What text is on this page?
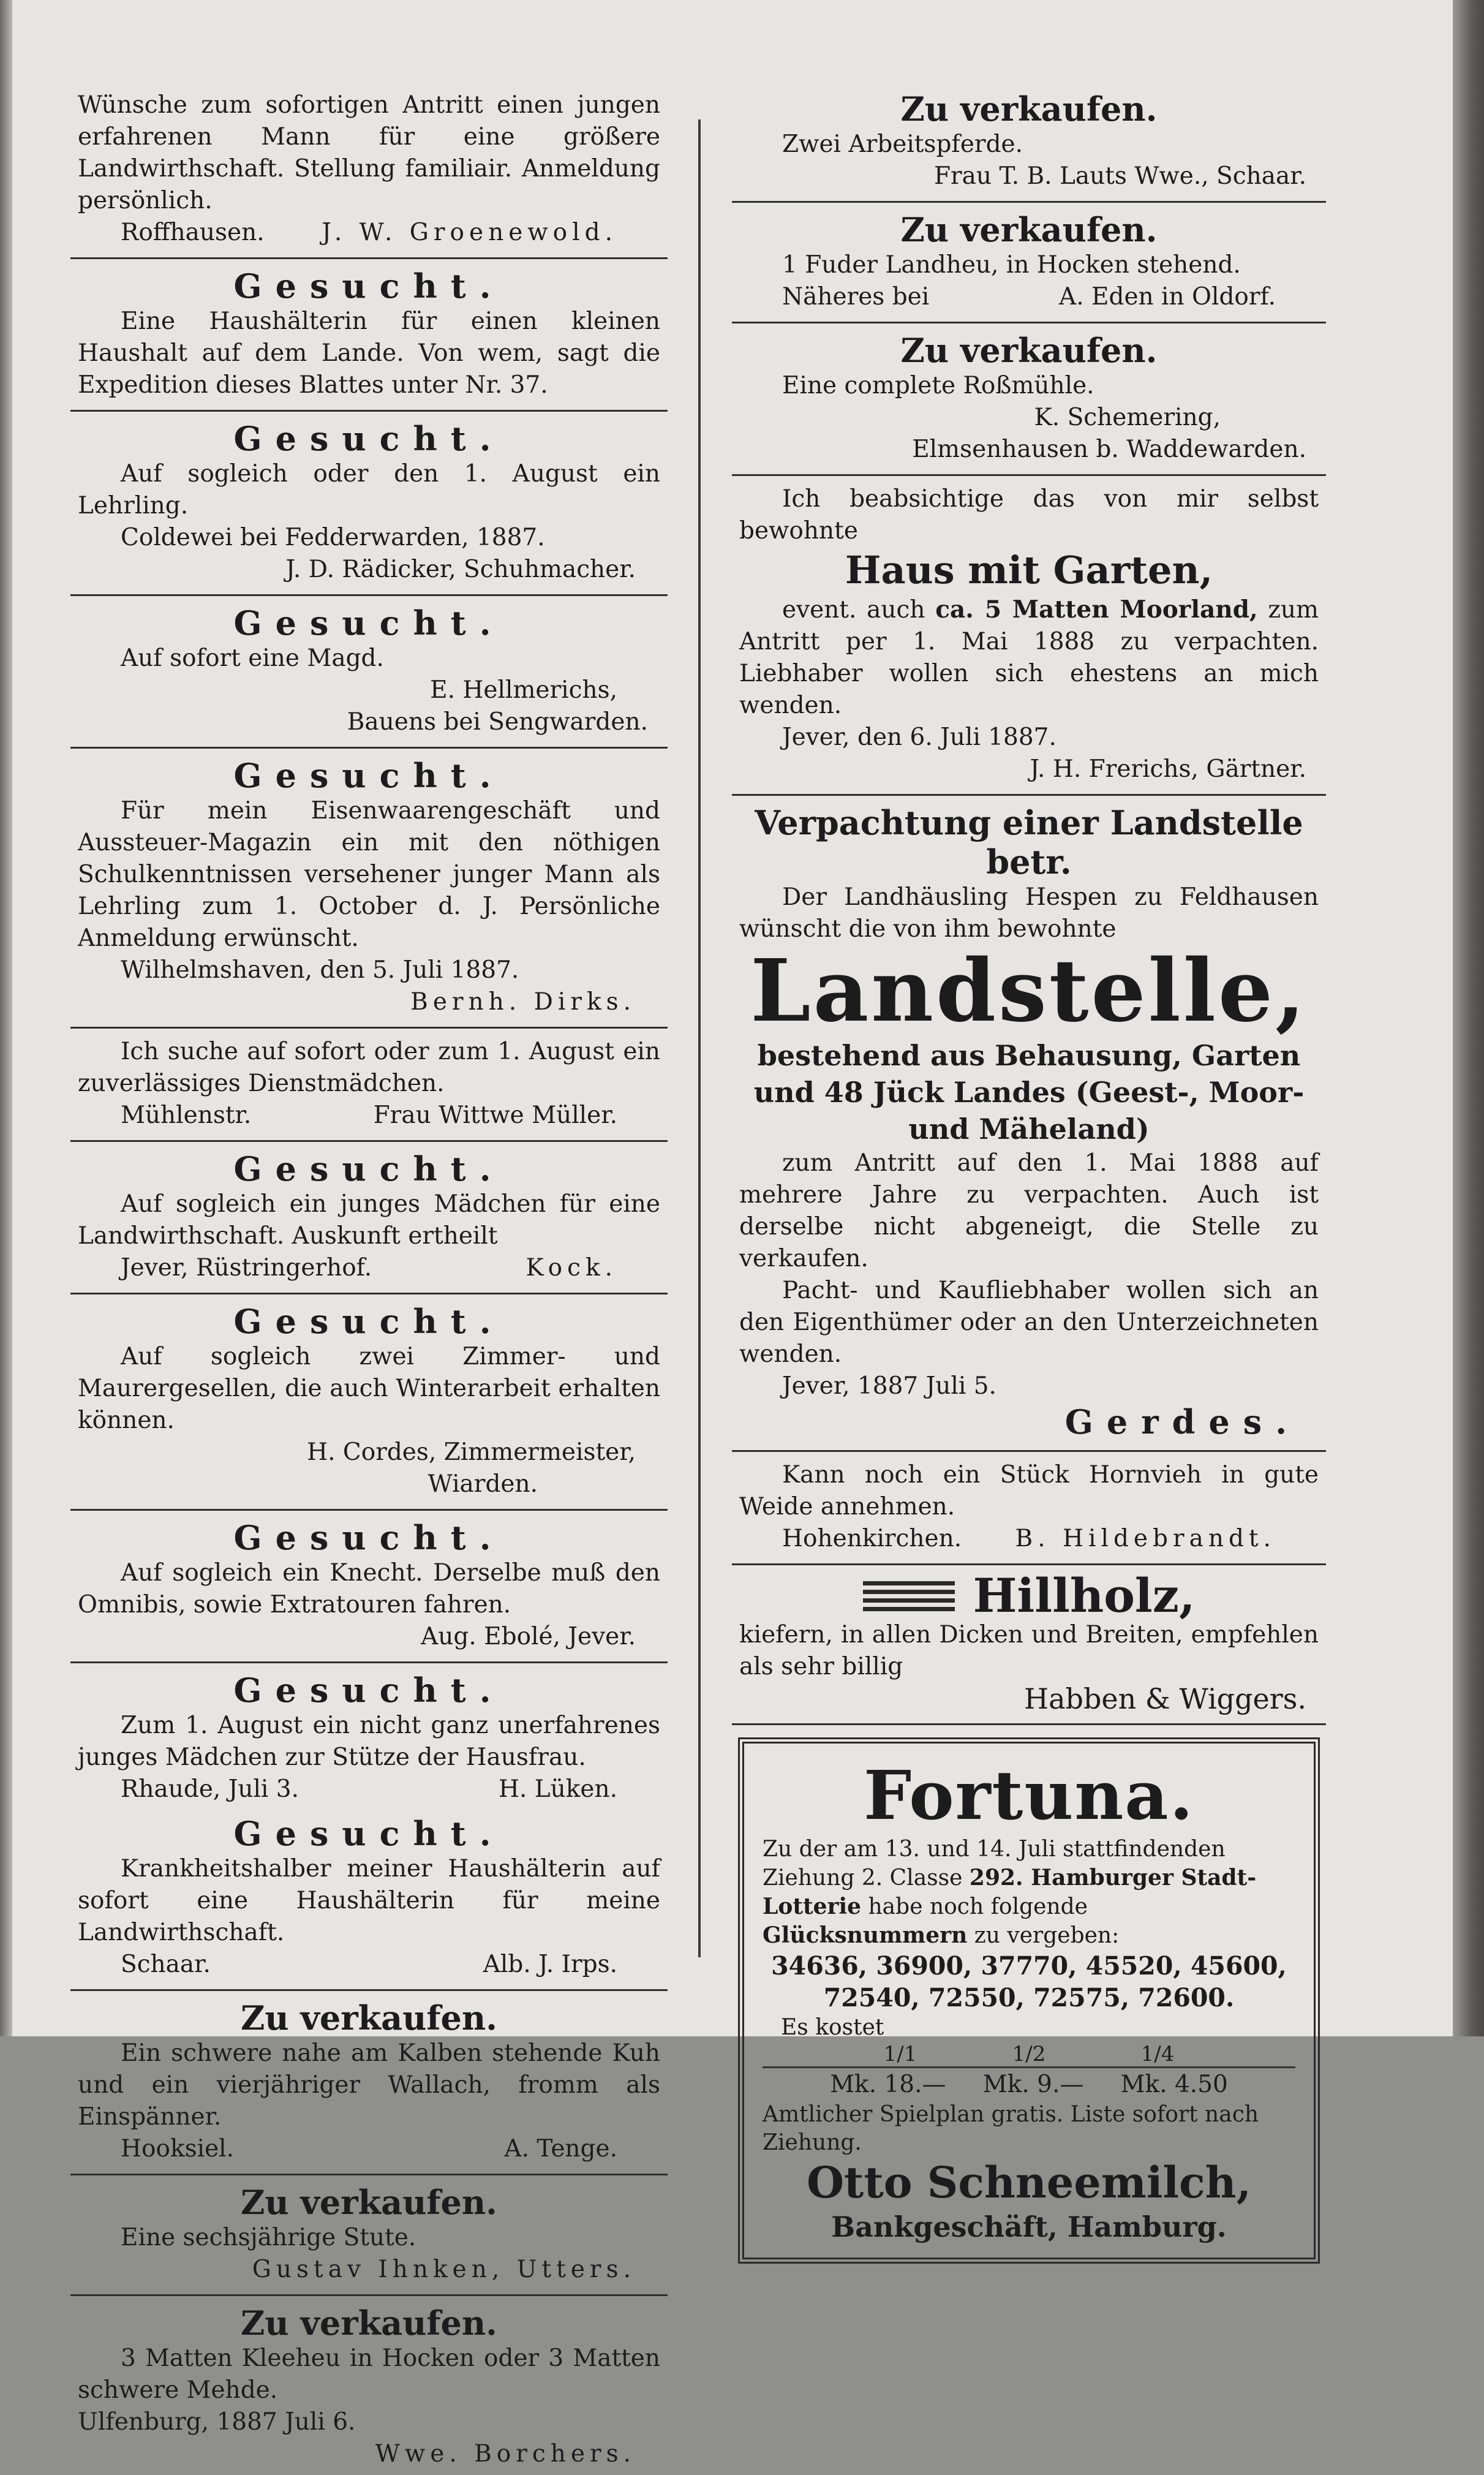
Wünsche zum sofortigen Antritt einen jungen erfahrenen Mann für eine größere Landwirthschaft. Stellung familiair. Anmeldung persönlich.

Roffhausen. J. W. Groenewold.
Gesucht.

Eine Haushälterin für einen kleinen Haushalt auf dem Lande. Von wem, sagt die Expedition dieses Blattes unter Nr. 37.

Gesucht.

Auf sogleich oder den 1. August ein Lehrling.

Coldewei bei Fedderwarden, 1887.

J. D. Rädicker, Schuhmacher.
Gesucht.

Auf sofort eine Magd.

E. Hellmerichs,
Bauens bei Sengwarden.
Gesucht.

Für mein Eisenwaarengeschäft und Aussteuer-Magazin ein mit den nöthigen Schulkenntnissen versehener junger Mann als Lehrling zum 1. October d. J. Persönliche Anmeldung erwünscht.

Wilhelmshaven, den 5. Juli 1887.

Bernh. Dirks.

Ich suche auf sofort oder zum 1. August ein zuverlässiges Dienstmädchen.

Mühlenstr.	Frau Wittwe Müller.
Gesucht.

Auf sogleich ein junges Mädchen für eine Landwirthschaft. Auskunft ertheilt

Jever, Rüstringerhof.	Kock.
Gesucht.

Auf sogleich zwei Zimmer- und Maurergesellen, die auch Winterarbeit erhalten können.

H. Cordes, Zimmermeister,
Wiarden.
Gesucht.

Auf sogleich ein Knecht. Derselbe muß den Omnibis, sowie Extratouren fahren.

Aug. Ebolé, Jever.
Gesucht.

Zum 1. August ein nicht ganz unerfahrenes junges Mädchen zur Stütze der Hausfrau.

Rhaude, Juli 3.	H. Lüken.
Gesucht.

Krankheitshalber meiner Haushälterin auf sofort eine Haushälterin für meine Landwirthschaft.

Schaar.	Alb. J. Irps.
Zu verkaufen.

Ein schwere nahe am Kalben stehende Kuh und ein vierjähriger Wallach, fromm als Einspänner.

Hooksiel.	A. Tenge.
Zu verkaufen.

Eine sechsjährige Stute.

Gustav Ihnken, Utters.
Zu verkaufen.

3 Matten Kleeheu in Hocken oder 3 Matten schwere Mehde.

Ulfenburg, 1887 Juli 6.

Wwe. Borchers.
Zu verkaufen.

Zwei Arbeitspferde.

Frau T. B. Lauts Wwe., Schaar.
Zu verkaufen.

1 Fuder Landheu, in Hocken stehend.

Näheres bei	A. Eden in Oldorf.
Zu verkaufen.

Eine complete Roßmühle.

K. Schemering,
Elmsenhausen b. Waddewarden.

Ich beabsichtige das von mir selbst bewohnte

Haus mit Garten,

event. auch ca. 5 Matten Moorland, zum Antritt per 1. Mai 1888 zu verpachten. Liebhaber wollen sich ehestens an mich wenden.

Jever, den 6. Juli 1887.

J. H. Frerichs, Gärtner.
Verpachtung einer Landstelle betr.

Der Landhäusling Hespen zu Feldhausen wünscht die von ihm bewohnte

Landstelle,
bestehend aus Behausung, Garten und 48 Jück Landes (Geest-, Moor- und Mäheland)

zum Antritt auf den 1. Mai 1888 auf mehrere Jahre zu verpachten. Auch ist derselbe nicht abgeneigt, die Stelle zu verkaufen.

Pacht- und Kaufliebhaber wollen sich an den Eigenthümer oder an den Unterzeichneten wenden.

Jever, 1887 Juli 5.

Gerdes.

Kann noch ein Stück Hornvieh in gute Weide annehmen.

Hohenkirchen. B. Hildebrandt.
Hillholz,

kiefern, in allen Dicken und Breiten, empfehlen als sehr billig

Habben & Wiggers.
Fortuna.

Zu der am 13. und 14. Juli stattfindenden Ziehung 2. Classe 292. Hamburger Stadt-Lotterie habe noch folgende Glücksnummern zu vergeben:

34636, 36900, 37770, 45520, 45600,
72540, 72550, 72575, 72600.

Es kostet

1/1	1/2	1/4
Mk. 18.— Mk. 9.— Mk. 4.50

Amtlicher Spielplan gratis. Liste sofort nach Ziehung.

Otto Schneemilch,
Bankgeschäft, Hamburg.
